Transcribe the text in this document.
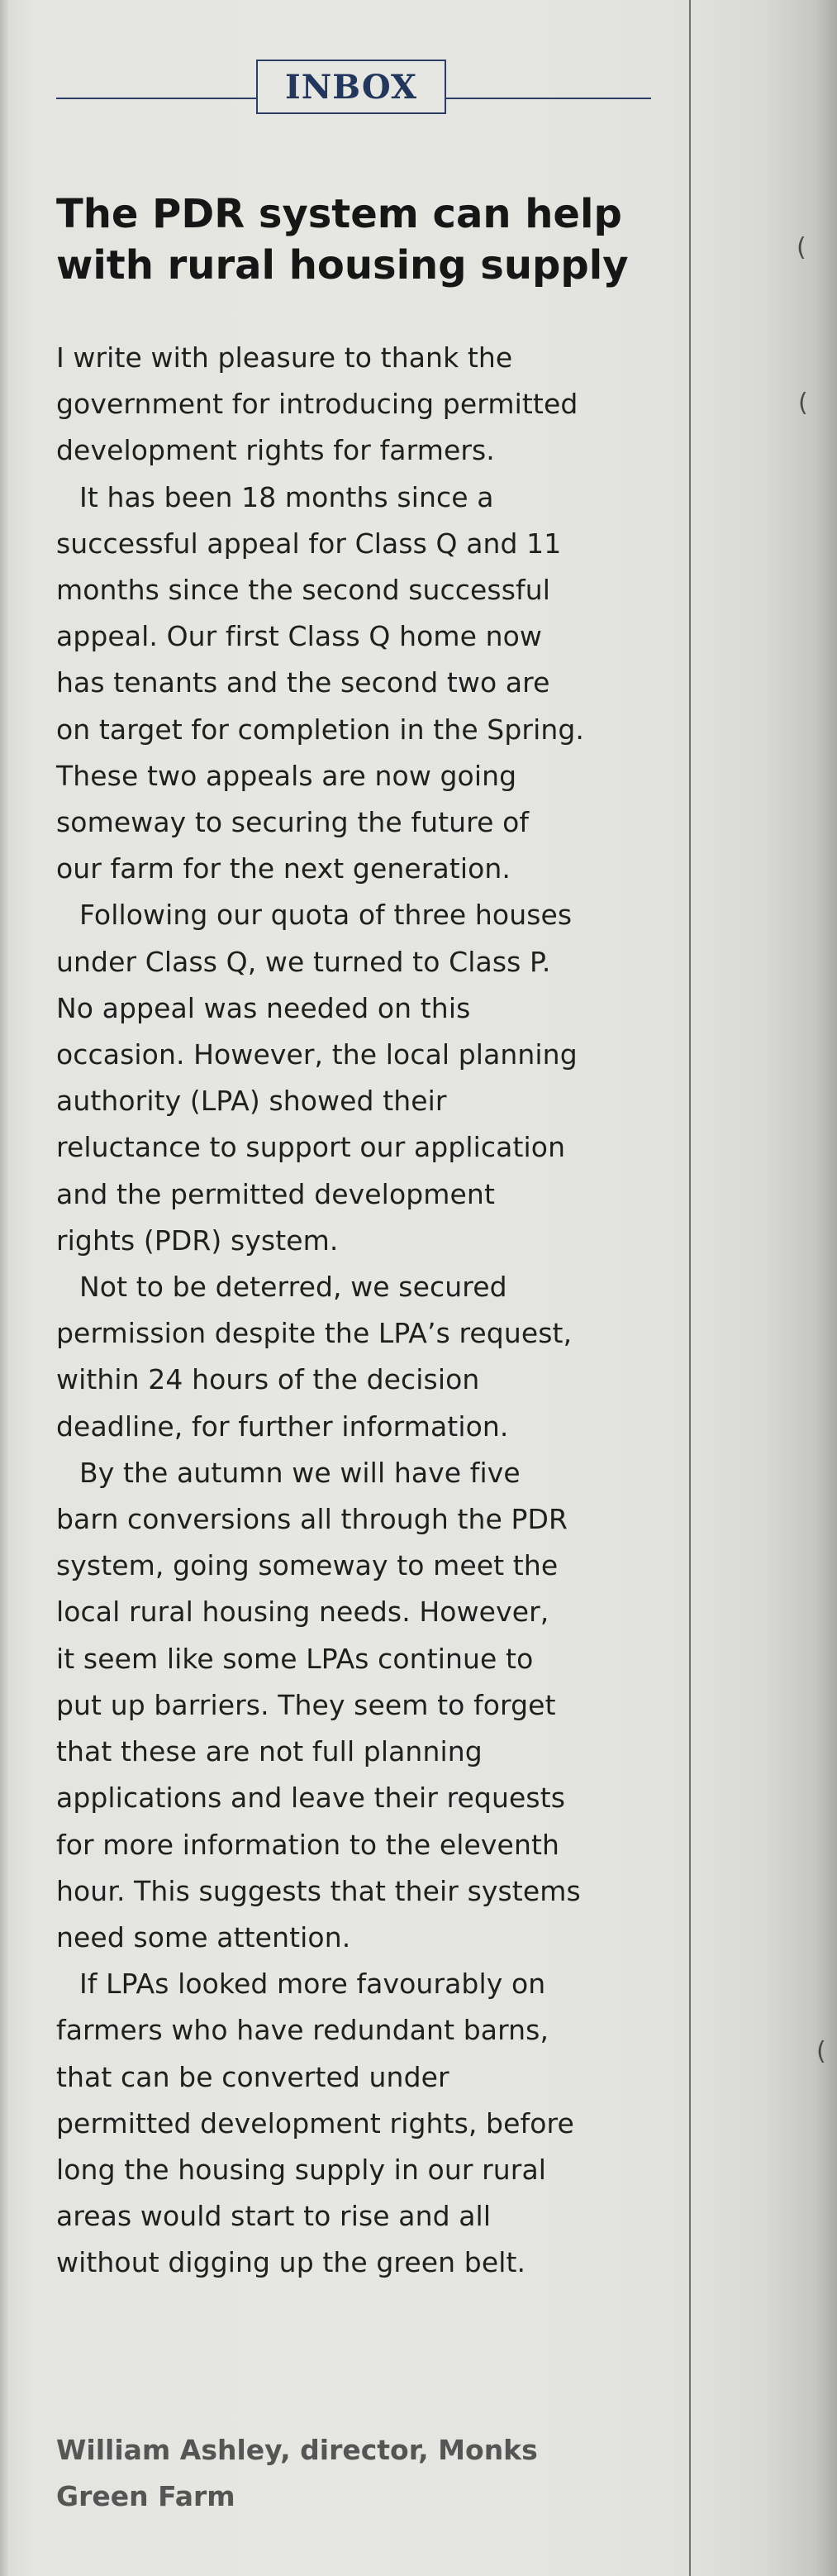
(
(
(
INBOX
The PDR system can help
with rural housing supply

I write with pleasure to thank the
government for introducing permitted
development rights for farmers.

It has been 18 months since a
successful appeal for Class Q and 11
months since the second successful
appeal. Our first Class Q home now
has tenants and the second two are
on target for completion in the Spring.
These two appeals are now going
someway to securing the future of
our farm for the next generation.

Following our quota of three houses
under Class Q, we turned to Class P.
No appeal was needed on this
occasion. However, the local planning
authority (LPA) showed their
reluctance to support our application
and the permitted development
rights (PDR) system.

Not to be deterred, we secured
permission despite the LPA’s request,
within 24 hours of the decision
deadline, for further information.

By the autumn we will have five
barn conversions all through the PDR
system, going someway to meet the
local rural housing needs. However,
it seem like some LPAs continue to
put up barriers. They seem to forget
that these are not full planning
applications and leave their requests
for more information to the eleventh
hour. This suggests that their systems
need some attention.

If LPAs looked more favourably on
farmers who have redundant barns,
that can be converted under
permitted development rights, before
long the housing supply in our rural
areas would start to rise and all
without digging up the green belt.

William Ashley, director, Monks
Green Farm
